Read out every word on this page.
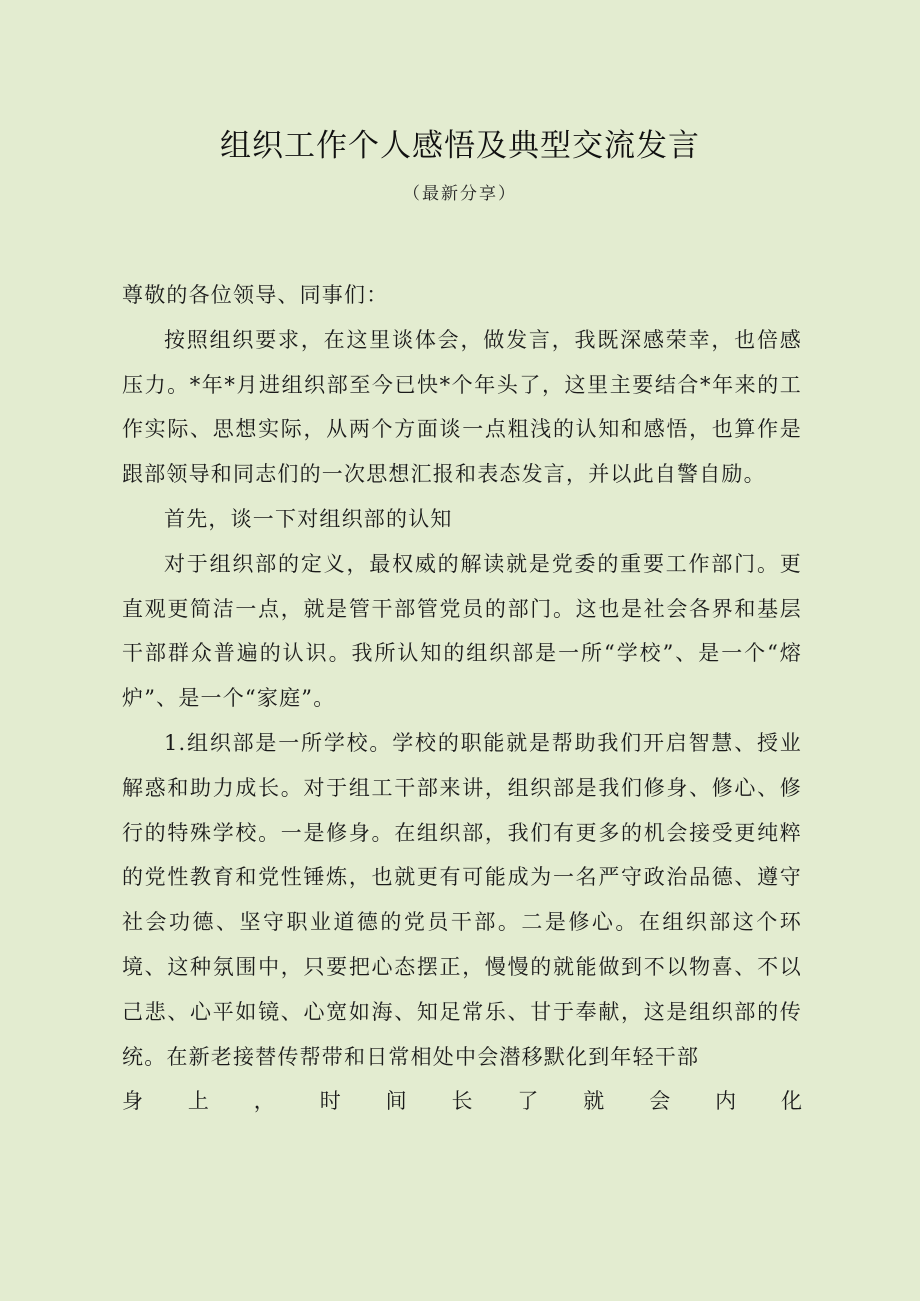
组织工作个人感悟及典型交流发言
（最新分享）

尊敬的各位领导、同事们：

按照组织要求，在这里谈体会，做发言，我既深感荣幸，也倍感压力。*年*月进组织部至今已快*个年头了，这里主要结合*年来的工作实际、思想实际，从两个方面谈一点粗浅的认知和感悟，也算作是跟部领导和同志们的一次思想汇报和表态发言，并以此自警自励。

首先，谈一下对组织部的认知

对于组织部的定义，最权威的解读就是党委的重要工作部门。更直观更简洁一点，就是管干部管党员的部门。这也是社会各界和基层干部群众普遍的认识。我所认知的组织部是一所“学校”、是一个“熔炉”、是一个“家庭”。

1.组织部是一所学校。学校的职能就是帮助我们开启智慧、授业解惑和助力成长。对于组工干部来讲，组织部是我们修身、修心、修行的特殊学校。一是修身。在组织部，我们有更多的机会接受更纯粹的党性教育和党性锤炼，也就更有可能成为一名严守政治品德、遵守社会功德、坚守职业道德的党员干部。二是修心。在组织部这个环境、这种氛围中，只要把心态摆正，慢慢的就能做到不以物喜、不以己悲、心平如镜、心宽如海、知足常乐、甘于奉献，这是组织部的传统。在新老接替传帮带和日常相处中会潜移默化到年轻干部

身 上 ， 时 间 长 了 就 会 内 化
